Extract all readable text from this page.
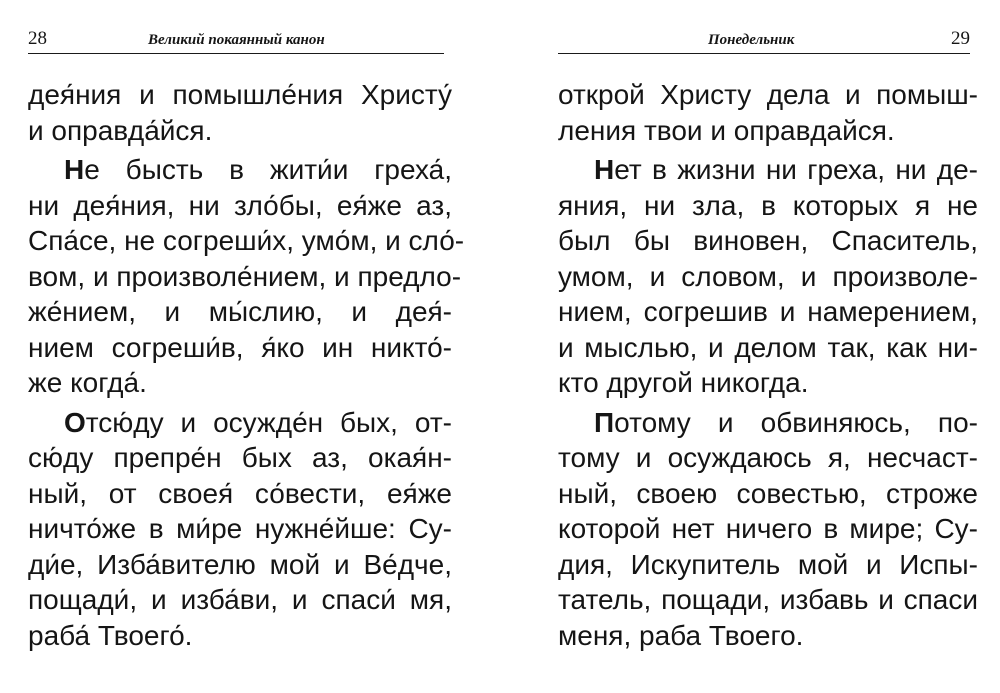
28	Великий покаянный канон
дея́ния и помышле́ния Христу́
и оправда́йся.
Не бысть в жити́и греха́,
ни дея́ния, ни зло́бы, ея́же аз,
Спа́се, не согреши́х, умо́м, и сло́-
вом, и произволе́нием, и предло-
же́нием, и мы́слию, и дея́-
нием согреши́в, я́ко ин никто́-
же когда́.
Отсю́ду и осужде́н бых, от-
сю́ду препре́н бых аз, окая́н-
ный, от своея́ со́вести, ея́же
ничто́же в ми́ре нужне́йше: Су-
ди́е, Изба́вителю мой и Ве́дче,
пощади́, и изба́ви, и спаси́ мя,
раба́ Твоего́.
Понедельник	29
открой Христу дела и помыш-
ления твои и оправдайся.
Нет в жизни ни греха, ни де-
яния, ни зла, в которых я не
был бы виновен, Спаситель,
умом, и словом, и произволе-
нием, согрешив и намерением,
и мыслью, и делом так, как ни-
кто другой никогда.
Потому и обвиняюсь, по-
тому и осуждаюсь я, несчаст-
ный, своею совестью, строже
которой нет ничего в мире; Су-
дия, Искупитель мой и Испы-
татель, пощади, избавь и спаси
меня, раба Твоего.
